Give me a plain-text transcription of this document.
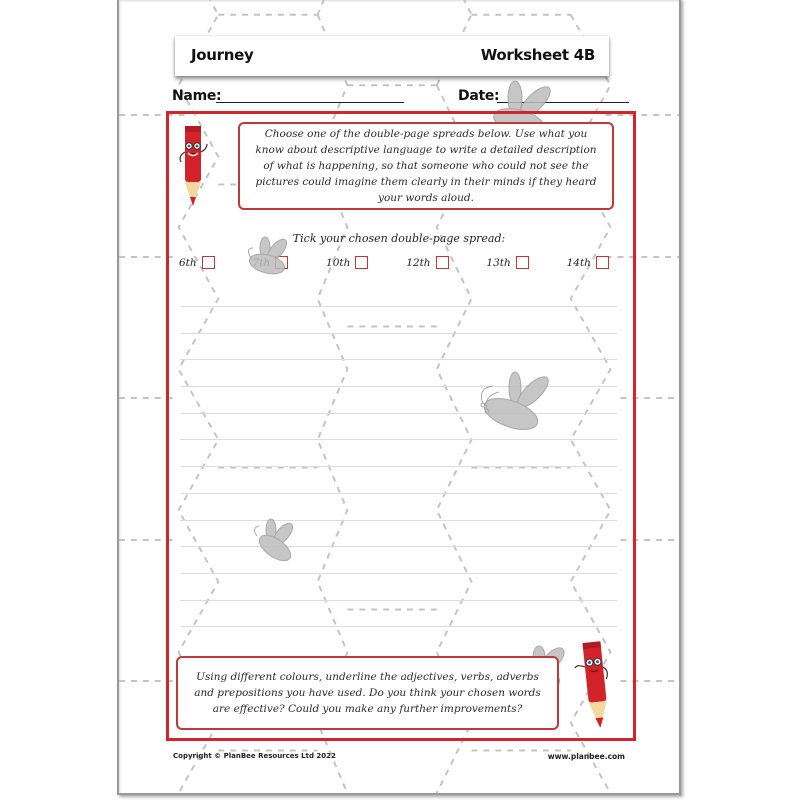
Journey	Worksheet 4B
Name:	Date:
Choose one of the double-page spreads below. Use what you know about descriptive language to write a detailed description of what is happening, so that someone who could not see the pictures could imagine them clearly in their minds if they heard your words aloud.
Tick your chosen double-page spread:
6th	10th	12th	13th	14th
Using different colours, underline the adjectives, verbs, adverbs and prepositions you have used. Do you think your chosen words are effective? Could you make any further improvements?
Copyright © PlanBee Resources Ltd 2022	www.planbee.com
